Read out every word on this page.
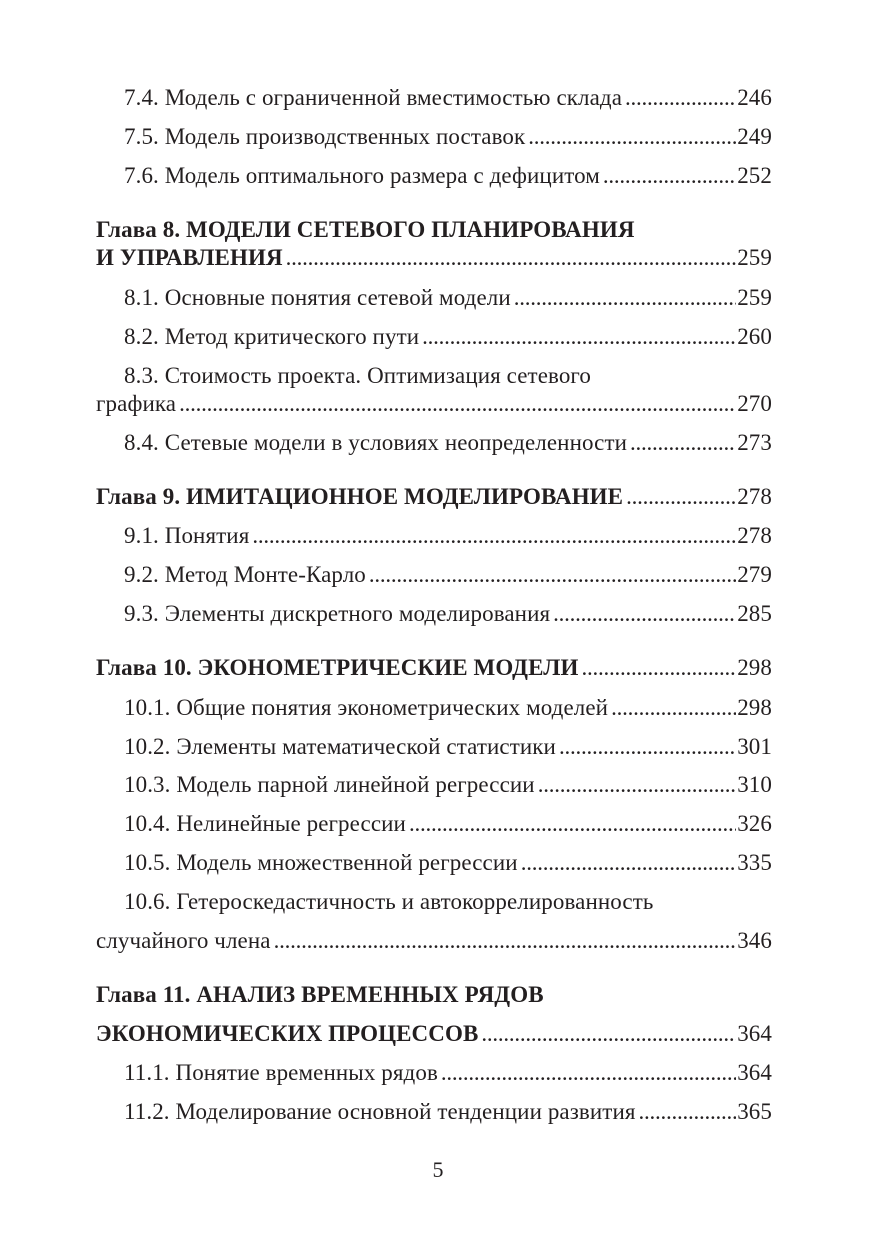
7.4. Модель с ограниченной вместимостью склада . . .	246
7.5. Модель производственных поставок . . .	249
7.6. Модель оптимального размера с дефицитом . . .	252
Глава 8. МОДЕЛИ СЕТЕВОГО ПЛАНИРОВАНИЯ
И УПРАВЛЕНИЯ . . .	259
8.1. Основные понятия сетевой модели . . .	259
8.2. Метод критического пути . . .	260
8.3. Стоимость проекта. Оптимизация сетевого
графика . . .	270
8.4. Сетевые модели в условиях неопределенности . . .	273
Глава 9. ИМИТАЦИОННОЕ МОДЕЛИРОВАНИЕ . . .	278
9.1. Понятия . . .	278
9.2. Метод Монте-Карло . . .	279
9.3. Элементы дискретного моделирования . . .	285
Глава 10. ЭКОНОМЕТРИЧЕСКИЕ МОДЕЛИ . . .	298
10.1. Общие понятия эконометрических моделей . . .	298
10.2. Элементы математической статистики . . .	301
10.3. Модель парной линейной регрессии . . .	310
10.4. Нелинейные регрессии . . .	326
10.5. Модель множественной регрессии . . .	335
10.6. Гетероскедастичность и автокоррелированность
случайного члена . . .	346
Глава 11. АНАЛИЗ ВРЕМЕННЫХ РЯДОВ
ЭКОНОМИЧЕСКИХ ПРОЦЕССОВ . . .	364
11.1. Понятие временных рядов . . .	364
11.2. Моделирование основной тенденции развития . . .	365
5
